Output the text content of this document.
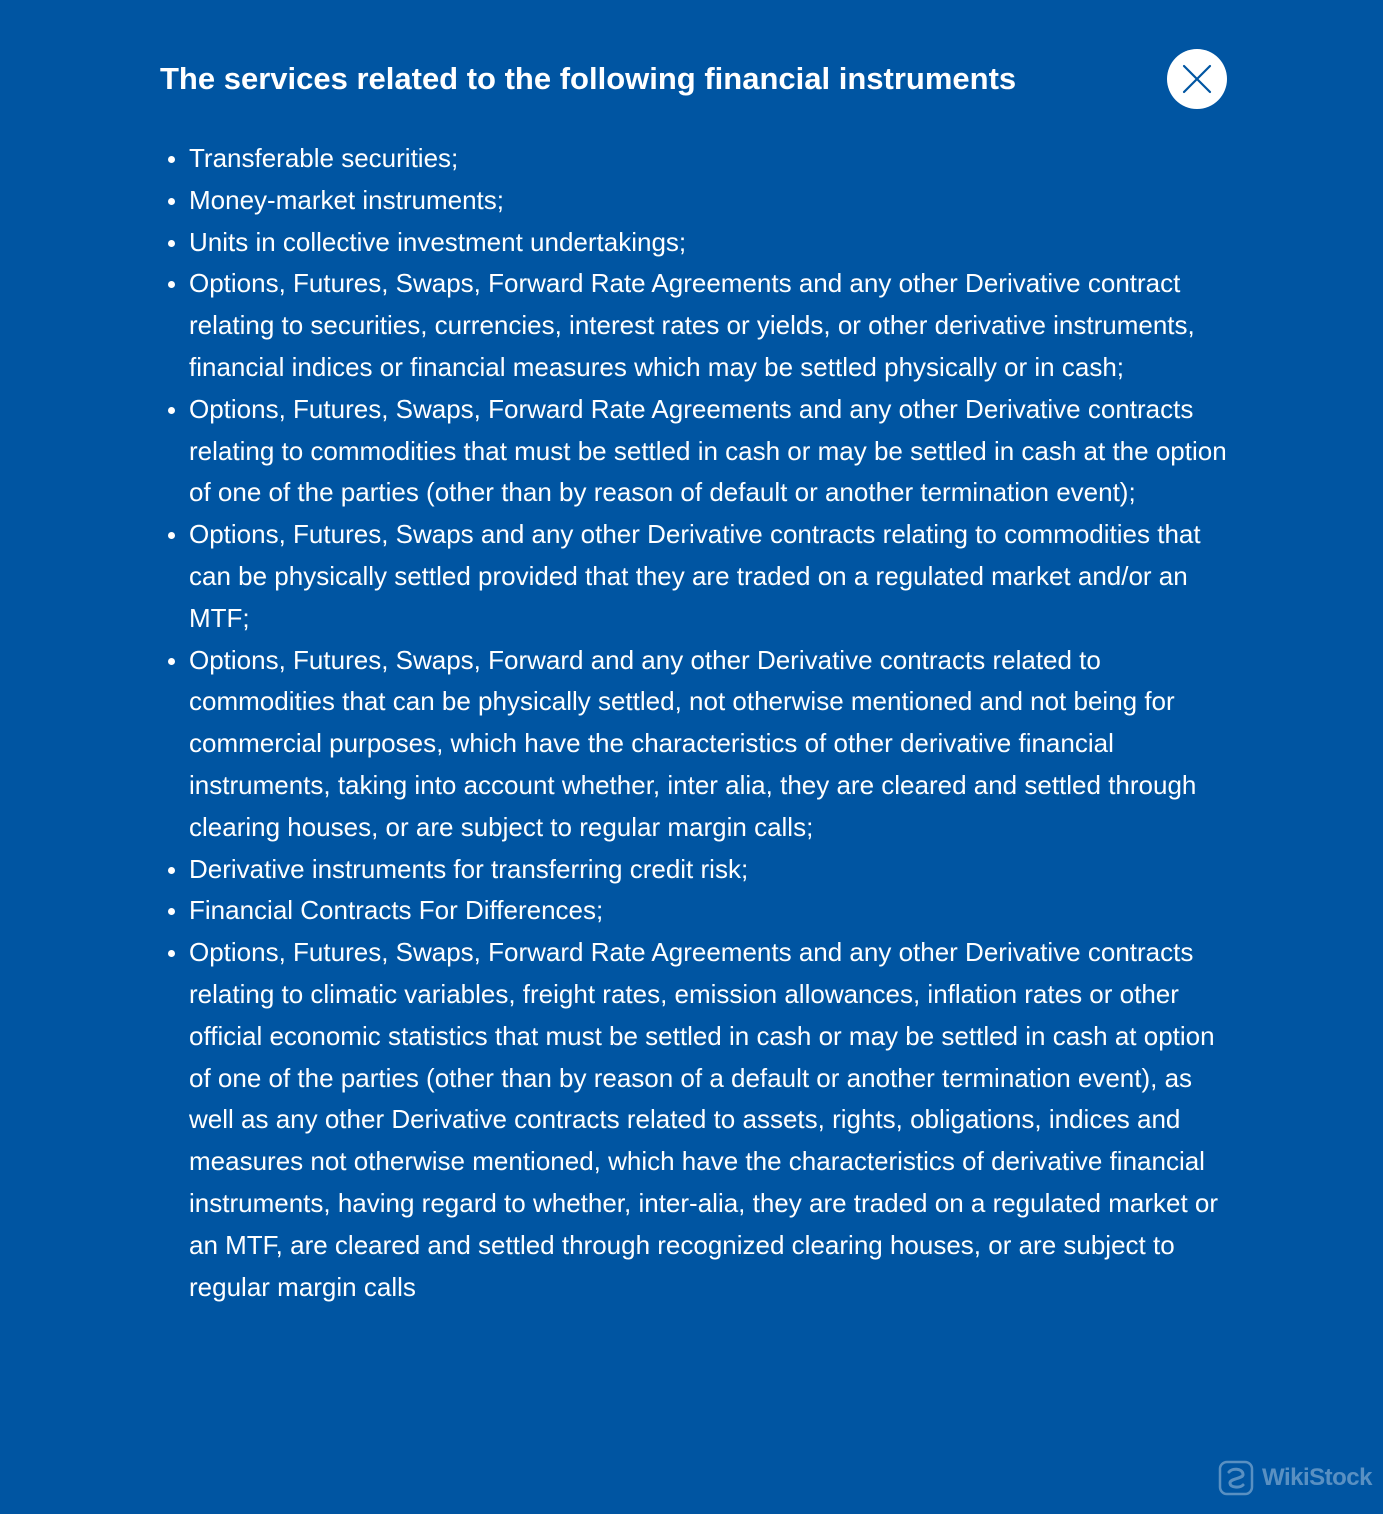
The services related to the following financial instruments
Transferable securities;
Money-market instruments;
Units in collective investment undertakings;
Options, Futures, Swaps, Forward Rate Agreements and any other Derivative contract relating to securities, currencies, interest rates or yields, or other derivative instruments, financial indices or financial measures which may be settled physically or in cash;
Options, Futures, Swaps, Forward Rate Agreements and any other Derivative contracts relating to commodities that must be settled in cash or may be settled in cash at the option of one of the parties (other than by reason of default or another termination event);
Options, Futures, Swaps and any other Derivative contracts relating to commodities that can be physically settled provided that they are traded on a regulated market and/or an MTF;
Options, Futures, Swaps, Forward and any other Derivative contracts related to commodities that can be physically settled, not otherwise mentioned and not being for commercial purposes, which have the characteristics of other derivative financial instruments, taking into account whether, inter alia, they are cleared and settled through clearing houses, or are subject to regular margin calls;
Derivative instruments for transferring credit risk;
Financial Contracts For Differences;
Options, Futures, Swaps, Forward Rate Agreements and any other Derivative contracts relating to climatic variables, freight rates, emission allowances, inflation rates or other official economic statistics that must be settled in cash or may be settled in cash at option of one of the parties (other than by reason of a default or another termination event), as well as any other Derivative contracts related to assets, rights, obligations, indices and measures not otherwise mentioned, which have the characteristics of derivative financial instruments, having regard to whether, inter-alia, they are traded on a regulated market or an MTF, are cleared and settled through recognized clearing houses, or are subject to regular margin calls
WikiStock
